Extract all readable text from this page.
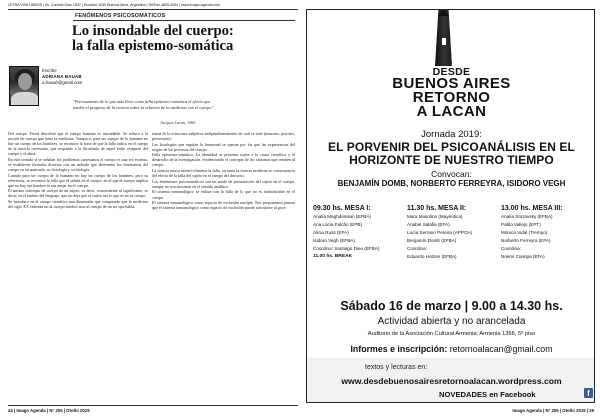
LETRA VIVA LIBROS | Av. Coronel Díaz 1837 | Ecuador 1030 Buenos Aires, Argentina | Tel/Fax 4825-4054 | www.imago-agenda.com
FENÓMENOS PSICOSOMÁTICOS
Lo insondable del cuerpo:
la falla epistemo-somática
Escribe
ADRIANA BAUAB
a.bauab@gmail.com
"Precisamente de lo que más lleve como falla epistemo-somática el efecto que tendrá el progreso de la ciencia sobre la relación de la medicina con el cuerpo".
Jacques Lacan, 1966

Del cuerpo. Freud describió que el cuerpo humano es insondable. Se reduce a la noción de cuerpo que tiene la medicina. Tampoco, para ser cuerpo de lo humano no hay un cuerpo de los hombres, se reconoce la frase de que la falla radica en el cuerpo de la mezcla cartesiana, que responde a la dicotomía de aquel entre ocuparse del cuerpo y el alma.

En este sentido si se señalan los problemas cartesianos el cuerpo es una res extensa, se establecen fórmulas diversas con un método que determina los fenómenos del cuerpo en su anatomía, su fisiología y su biología.

Cuando para ser cuerpo de lo humano no hay un cuerpo de los hombres, pero su referencia, se reconoce la falla que él señala en el cuerpo, en el que el cuerpo implica que no hay ese hombre ni esa mujer en el cuerpo.

El mismo concepto de cuerpo de un sujeto, es decir, concerniente al significante, es decir, en el ámbito del lenguaje, que no deja que el sujeto sea lo que es en su cuerpo.

Se introduce en el campo científico una dimensión que comprende que la medicina del siglo XX enfrenta no al cuerpo médico sino al cuerpo de un ser que habla.

trama de la estructura subjetiva independientemente de cuál se trate (neurosis, psicosis, perversión).

Las fisiologías que regulan lo hormonal se operan por los que las experiencias del origen de los procesos del cuerpo.

Falla epistemo-somática. La identidad se presenta sujeta a la causa científica y al desarrollo de la investigación, evidenciando el concepto de los síntomas que remiten al cuerpo.

La ciencia nunca intentó eliminar la falla, en tanto la ciencia moderna es consecuencia del efecto de la falla del sujeto en el campo del discurso.

Los fenómenos psicosomáticos son un modo de presentación del sujeto en el cuerpo, aunque no son síntomas en el sentido analítico.

El sistema inmunológico se enlaza con la falla de lo que no es simbolizable en el cuerpo.

El sistema inmunológico como espacio de exclusión mutiple. Nos proponemos pensar que el sistema inmunológico como espacio de exclusión puede articularse al goce.

24 | Imago Agenda | N° 205 | Otoño 2019
DESDE
BUENOS AIRES
RETORNO
A LACAN
Jornada 2019:
EL PORVENIR DEL PSICOANÁLISIS EN EL
HORIZONTE DE NUESTRO TIEMPO
Convocan:
BENJAMÍN DOMB, NORBERTO FERREYRA, ISIDORO VEGH
09.30 hs. MESA I:
Analía Meghdessian (EFBA)
Ana Lúcia Falcão (EPB)
Alicia Russ (EFA)
Isidoro Vegh (EFBA)
Coordina: Santiago Dieu (EFBA)
11.00 hs. BREAK
11.30 hs. MESA II:
Mara Musolino (Mayéutica)
Anabel Salafia (EFA)
Lucía Serrano Pereira (APPOA)
Benjamín Domb (EFBA)
Coordina:
Eduardo Hotzen (EFBA)
13.00 hs. MESA III:
Analía Stozovsky (EFBA)
Pablo Vallejo (EPT)
Mónica Vidal (Trempo)
Norberto Ferreyra (EFA)
Coordina:
Noemí Ciampa (EFA)
Sábado 16 de marzo | 9.00 a 14.30 hs.
Actividad abierta y no arancelada
Auditorio de la Asociación Cultural Armenia: Armenia 1366, 5º piso
Informes e inscripción: retornoalacan@gmail.com
textos y lecturas en:
www.desdebuenosairesretornoalacan.wordpress.com
NOVEDADES en Facebook	f
Imago Agenda | N° 205 | Otoño 2019 | 25
